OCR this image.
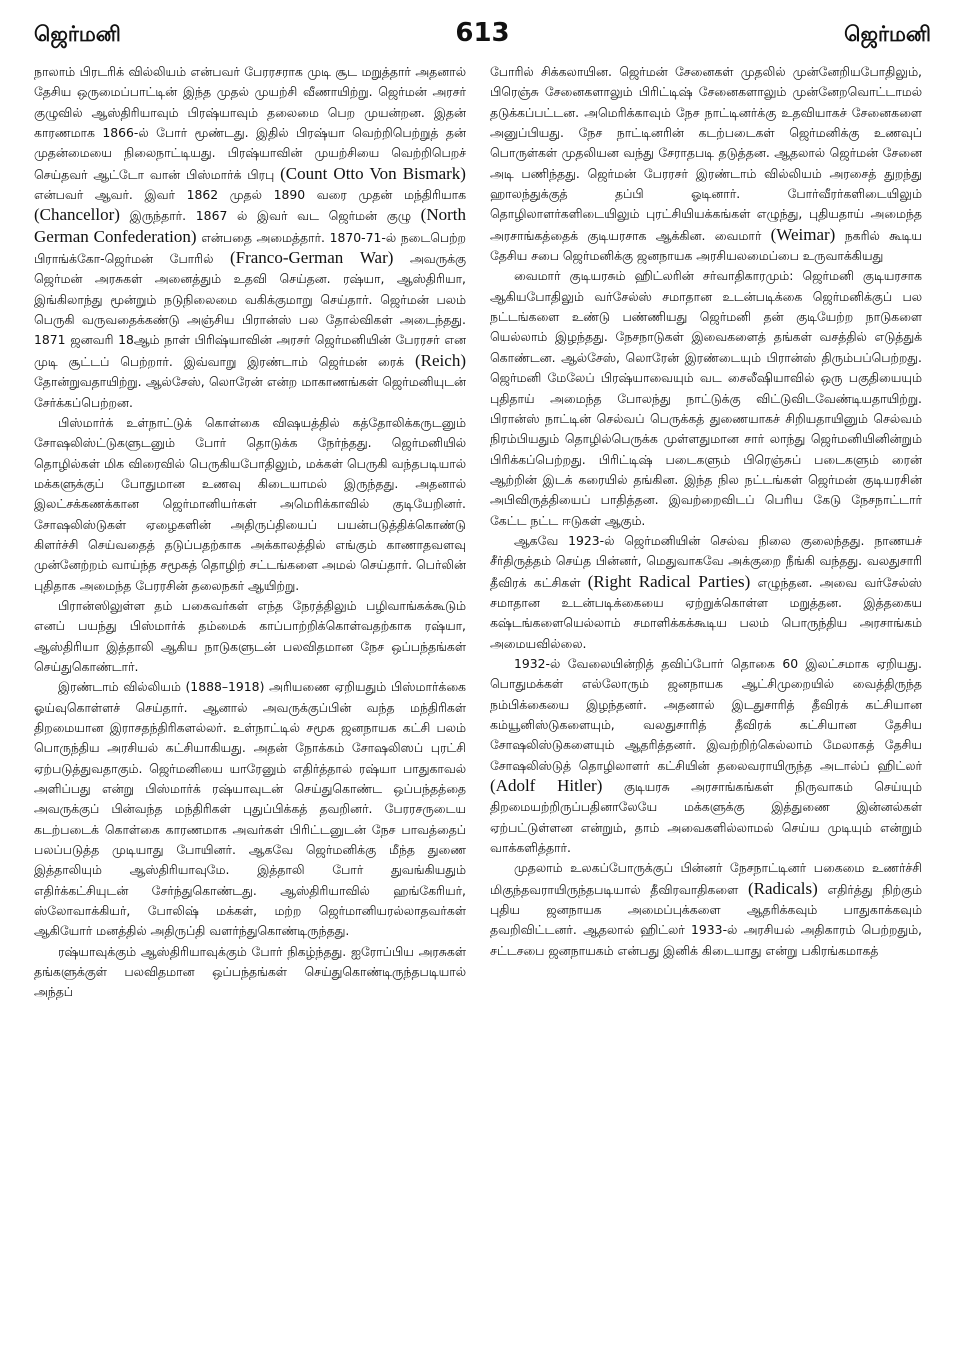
ஜெர்மனி	613	ஜெர்மனி

நாலாம் பிரடரிக் வில்லியம் என்பவர் பேரரசராக முடி சூட மறுத்தார் அதனால் தேசிய ஒருமைப்பாட்டின் இந்த முதல் முயற்சி வீணாயிற்று. ஜெர்மன் அரசர் குழுவில் ஆஸ்திரியாவும் பிரஷ்யாவும் தலைமை பெற முயன்றன. இதன் காரணமாக 1866-ல் போர் மூண்டது. இதில் பிரஷ்யா வெற்றிபெற்றுத் தன் முதன்மையை நிலைநாட்டியது. பிரஷ்யாவின் முயற்சியை வெற்றிபெறச் செய்தவர் ஆட்டோ வான் பிஸ்மார்க் பிரபு (Count Otto Von Bismark) என்பவர் ஆவர். இவர் 1862 முதல் 1890 வரை முதன் மந்திரியாக (Chancellor) இருந்தார். 1867 ல் இவர் வட ஜெர்மன் குழு (North German Confederation) என்பதை அமைத்தார். 1870-71-ல் நடைபெற்ற பிராங்க்கோ-ஜெர்மன் போரில் (Franco-German War) அவருக்கு ஜெர்மன் அரசுகள் அனைத்தும் உதவி செய்தன. ரஷ்யா, ஆஸ்திரியா, இங்கிலாந்து மூன்றும் நடுநிலைமை வகிக்குமாறு செய்தார். ஜெர்மன் பலம் பெருகி வருவதைக்கண்டு அஞ்சிய பிரான்ஸ் பல தோல்விகள் அடைந்தது. 1871 ஜனவரி 18ஆம் நாள் பிரிஷ்யாவின் அரசர் ஜெர்மனியின் பேரரசர் என முடி சூட்டப் பெற்றார். இவ்வாறு இரண்டாம் ஜெர்மன் ரைக் (Reich) தோன்றுவதாயிற்று. ஆல்சேஸ், லொரேன் என்ற மாகாணங்கள் ஜெர்மனியுடன் சேர்க்கப்பெற்றன.

பிஸ்மார்க் உள்நாட்டுக் கொள்கை விஷயத்தில் கத்தோலிக்கருடனும் சோஷலிஸ்ட்டுகளுடனும் போர் தொடுக்க நேர்ந்தது. ஜெர்மனியில் தொழில்கள் மிக விரைவில் பெருகியபோதிலும், மக்கள் பெருகி வந்தபடியால் மக்களுக்குப் போதுமான உணவு கிடையாமல் இருந்தது. அதனால் இலட்சக்கணக்கான ஜெர்மானியர்கள் அமெரிக்காவில் குடியேறினர். சோஷலிஸ்டுகள் ஏழைகளின் அதிருப்தியைப் பயன்படுத்திக்கொண்டு கிளர்ச்சி செய்வதைத் தடுப்பதற்காக அக்காலத்தில் எங்கும் காணாதவளவு முன்னேற்றம் வாய்ந்த சமூகத் தொழிற் சட்டங்களை அமல் செய்தார். பெர்லின் புதிதாக அமைந்த பேரரசின் தலைநகர் ஆயிற்று.

பிரான்ஸிலுள்ள தம் பகைவர்கள் எந்த நேரத்திலும் பழிவாங்கக்கூடும் எனப் பயந்து பிஸ்மார்க் தம்மைக் காப்பாற்றிக்கொள்வதற்காக ரஷ்யா, ஆஸ்திரியா இத்தாலி ஆகிய நாடுகளுடன் பலவிதமான நேச ஒப்பந்தங்கள் செய்துகொண்டார்.

இரண்டாம் வில்லியம் (1888–1918) அரியணை ஏறியதும் பிஸ்மார்க்கை ஓய்வுகொள்ளச் செய்தார். ஆனால் அவருக்குப்பின் வந்த மந்திரிகள் திறமையான இராசதந்திரிகளல்லர். உள்நாட்டில் சமூக ஜனநாயக கட்சி பலம் பொருந்திய அரசியல் கட்சியாகியது. அதன் நோக்கம் சோஷலிஸப் புரட்சி ஏற்படுத்துவதாகும். ஜெர்மனியை யாரேனும் எதிர்த்தால் ரஷ்யா பாதுகாவல் அளிப்பது என்று பிஸ்மார்க் ரஷ்யாவுடன் செய்துகொண்ட ஒப்பந்தத்தை அவருக்குப் பின்வந்த மந்திரிகள் புதுப்பிக்கத் தவறினர். பேரரசருடைய கடற்படைக் கொள்கை காரணமாக அவர்கள் பிரிட்டனுடன் நேச பாவத்தைப் பலப்படுத்த முடியாது போயினர். ஆகவே ஜெர்மனிக்கு மீந்த துணை இத்தாலியும் ஆஸ்திரியாவுமே. இத்தாலி போர் துவங்கியதும் எதிர்க்கட்சியுடன் சேர்ந்துகொண்டது. ஆஸ்திரியாவில் ஹங்கேரியர், ஸ்லோவாக்கியர், போலிஷ் மக்கள், மற்ற ஜெர்மானியரல்லாதவர்கள் ஆகியோர் மனத்தில் அதிருப்தி வளர்ந்துகொண்டிருந்தது.

ரஷ்யாவுக்கும் ஆஸ்திரியாவுக்கும் போர் நிகழ்ந்தது. ஐரோப்பிய அரசுகள் தங்களுக்குள் பலவிதமான ஒப்பந்தங்கள் செய்துகொண்டிருந்தபடியால் அந்தப்

போரில் சிக்கலாயின. ஜெர்மன் சேனைகள் முதலில் முன்னேறியபோதிலும், பிரெஞ்சு சேனைகளாலும் பிரிட்டிஷ் சேனைகளாலும் முன்னேறவொட்டாமல் தடுக்கப்பட்டன. அமெரிக்காவும் நேச நாட்டினர்க்கு உதவியாகச் சேனைகளை அனுப்பியது. நேச நாட்டினரின் கடற்படைகள் ஜெர்மனிக்கு உணவுப் பொருள்கள் முதலியன வந்து சேராதபடி தடுத்தன. ஆதலால் ஜெர்மன் சேனை அடி பணிந்தது. ஜெர்மன் பேரரசர் இரண்டாம் வில்லியம் அரசைத் துறந்து ஹாலந்துக்குத் தப்பி ஓடினார். போர்வீரர்களிடையிலும் தொழிலாளர்களிடையிலும் புரட்சியியக்கங்கள் எழுந்து, புதியதாய் அமைந்த அரசாங்கத்தைக் குடியரசாக ஆக்கின. வைமார் (Weimar) நகரில் கூடிய தேசிய சபை ஜெர்மனிக்கு ஜனநாயக அரசியலமைப்பை உருவாக்கியது

வைமார் குடியரசும் ஹிட்லரின் சர்வாதிகாரமும்: ஜெர்மனி குடியரசாக ஆகியபோதிலும் வர்சேல்ஸ் சமாதான உடன்படிக்கை ஜெர்மனிக்குப் பல நட்டங்களை உண்டு பண்ணியது ஜெர்மனி தன் குடியேற்ற நாடுகளை யெல்லாம் இழந்தது. நேசநாடுகள் இவைகளைத் தங்கள் வசத்தில் எடுத்துக் கொண்டன. ஆல்சேஸ், லொரேன் இரண்டையும் பிரான்ஸ் திரும்பப்பெற்றது. ஜெர்மனி மேலேப் பிரஷ்யாவையும் வட சைலீஷியாவில் ஒரு பகுதியையும் புதிதாய் அமைந்த போலந்து நாட்டுக்கு விட்டுவிடவேண்டியதாயிற்று. பிரான்ஸ் நாட்டின் செல்வப் பெருக்கத் துணையாகச் சிறியதாயினும் செல்வம் நிரம்பியதும் தொழில்பெருக்க முள்ளதுமான சார் லாந்து ஜெர்மனியினின்றும் பிரிக்கப்பெற்றது. பிரிட்டிஷ் படைகளும் பிரெஞ்சுப் படைகளும் ரைன் ஆற்றின் இடக் கரையில் தங்கின. இந்த நில நட்டங்கள் ஜெர்மன் குடியரசின் அபிவிருத்தியைப் பாதித்தன. இவற்றைவிடப் பெரிய கேடு நேசநாட்டார் கேட்ட நட்ட ஈடுகள் ஆகும்.

ஆகவே 1923-ல் ஜெர்மனியின் செல்வ நிலை குலைந்தது. நாணயச் சீர்திருத்தம் செய்த பின்னர், மெதுவாகவே அக்குறை நீங்கி வந்தது. வலதுசாரி தீவிரக் கட்சிகள் (Right Radical Parties) எழுந்தன. அவை வர்சேல்ஸ் சமாதான உடன்படிக்கையை ஏற்றுக்கொள்ள மறுத்தன. இத்தகைய கஷ்டங்களையெல்லாம் சமாளிக்கக்கூடிய பலம் பொருந்திய அரசாங்கம் அமையவில்லை.

1932-ல் வேலையின்றித் தவிப்போர் தொகை 60 இலட்சமாக ஏறியது. பொதுமக்கள் எல்லோரும் ஜனநாயக ஆட்சிமுறையில் வைத்திருந்த நம்பிக்கையை இழந்தனர். அதனால் இடதுசாரித் தீவிரக் கட்சியான கம்யூனிஸ்டுகளையும், வலதுசாரித் தீவிரக் கட்சியான தேசிய சோஷலிஸ்டுகளையும் ஆதரித்தனர். இவற்றிற்கெல்லாம் மேலாகத் தேசிய சோஷலிஸ்டுத் தொழிலாளர் கட்சியின் தலைவராயிருந்த அடால்ப் ஹிட்லர் (Adolf Hitler) குடியரசு அரசாங்கங்கள் நிருவாகம் செய்யும் திறமையற்றிருப்பதினாலேயே மக்களுக்கு இத்துணை இன்னல்கள் ஏற்பட்டுள்ளன என்றும், தாம் அவைகளில்லாமல் செய்ய முடியும் என்றும் வாக்களித்தார்.

முதலாம் உலகப்போருக்குப் பின்னர் நேசநாட்டினர் பகைமை உணர்ச்சி மிகுந்தவராயிருந்தபடியால் தீவிரவாதிகளை (Radicals) எதிர்த்து நிற்கும் புதிய ஜனநாயக அமைப்புக்களை ஆதரிக்கவும் பாதுகாக்கவும் தவறிவிட்டனர். ஆதலால் ஹிட்லர் 1933-ல் அரசியல் அதிகாரம் பெற்றதும், சட்டசபை ஜனநாயகம் என்பது இனிக் கிடையாது என்று பகிரங்கமாகத்
